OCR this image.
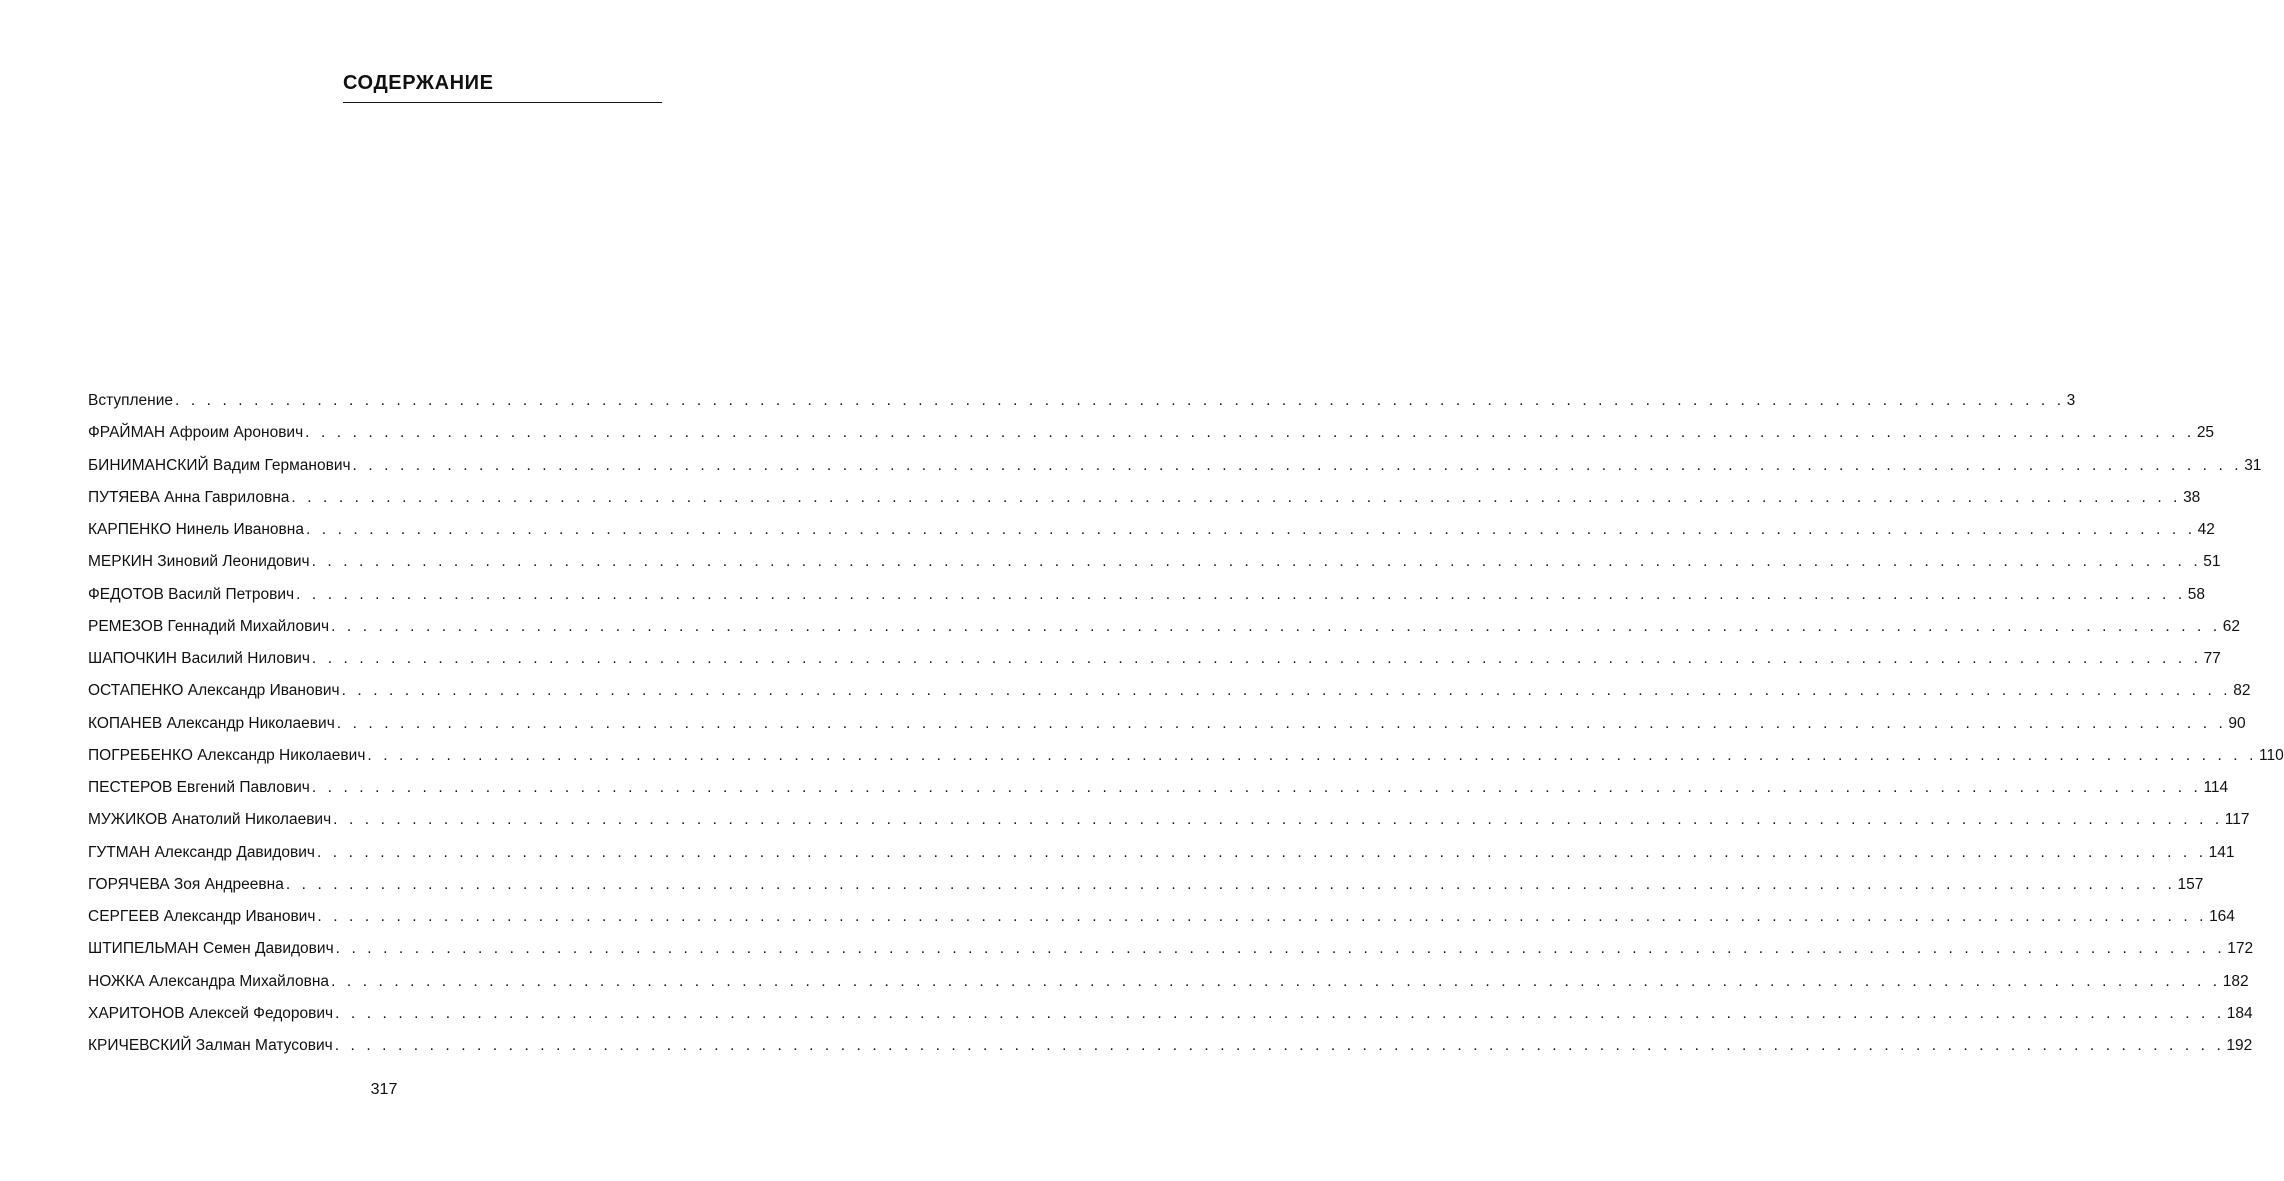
СОДЕРЖАНИЕ
Вступление . . . . . . . . . . . . . . . . . . . . . . . . . . . . . . . . . . . . . . . . . . . . . . . . . . . . . . . . . . . . . . . . . . . . . . . . . . . . . . . . . . . . . . . . . . . . . . . . . . . . . . . . . . . . . . . . . . . . . . . . 3
ФРАЙМАН Афроим Аронович . . . . . . . . . . . . . . . . . . . . . . . . . . . . . . . . . . . . . . . . . . . . . . . . . . . . . . . . . . . . . . . . . . . . . . . . . . . . . . . . . . . . . . . . . . . . . . . . . . . . . . . . . . . . . . . . . . . . . . . . 25
БИНИМАНСКИЙ Вадим Германович . . . . . . . . . . . . . . . . . . . . . . . . . . . . . . . . . . . . . . . . . . . . . . . . . . . . . . . . . . . . . . . . . . . . . . . . . . . . . . . . . . . . . . . . . . . . . . . . . . . . . . . . . . . . . . . . . . . . . . . . 31
ПУТЯЕВА Анна Гавриловна . . . . . . . . . . . . . . . . . . . . . . . . . . . . . . . . . . . . . . . . . . . . . . . . . . . . . . . . . . . . . . . . . . . . . . . . . . . . . . . . . . . . . . . . . . . . . . . . . . . . . . . . . . . . . . . . . . . . . . . . 38
КАРПЕНКО Нинель Ивановна . . . . . . . . . . . . . . . . . . . . . . . . . . . . . . . . . . . . . . . . . . . . . . . . . . . . . . . . . . . . . . . . . . . . . . . . . . . . . . . . . . . . . . . . . . . . . . . . . . . . . . . . . . . . . . . . . . . . . . . . 42
МЕРКИН Зиновий Леонидович . . . . . . . . . . . . . . . . . . . . . . . . . . . . . . . . . . . . . . . . . . . . . . . . . . . . . . . . . . . . . . . . . . . . . . . . . . . . . . . . . . . . . . . . . . . . . . . . . . . . . . . . . . . . . . . . . . . . . . . . 51
ФЕДОТОВ Василй Петрович . . . . . . . . . . . . . . . . . . . . . . . . . . . . . . . . . . . . . . . . . . . . . . . . . . . . . . . . . . . . . . . . . . . . . . . . . . . . . . . . . . . . . . . . . . . . . . . . . . . . . . . . . . . . . . . . . . . . . . . . 58
РЕМЕЗОВ Геннадий Михайлович . . . . . . . . . . . . . . . . . . . . . . . . . . . . . . . . . . . . . . . . . . . . . . . . . . . . . . . . . . . . . . . . . . . . . . . . . . . . . . . . . . . . . . . . . . . . . . . . . . . . . . . . . . . . . . . . . . . . . . . . 62
ШАПОЧКИН Василий Нилович . . . . . . . . . . . . . . . . . . . . . . . . . . . . . . . . . . . . . . . . . . . . . . . . . . . . . . . . . . . . . . . . . . . . . . . . . . . . . . . . . . . . . . . . . . . . . . . . . . . . . . . . . . . . . . . . . . . . . . . . 77
ОСТАПЕНКО Александр Иванович . . . . . . . . . . . . . . . . . . . . . . . . . . . . . . . . . . . . . . . . . . . . . . . . . . . . . . . . . . . . . . . . . . . . . . . . . . . . . . . . . . . . . . . . . . . . . . . . . . . . . . . . . . . . . . . . . . . . . . . . 82
КОПАНЕВ Александр Николаевич . . . . . . . . . . . . . . . . . . . . . . . . . . . . . . . . . . . . . . . . . . . . . . . . . . . . . . . . . . . . . . . . . . . . . . . . . . . . . . . . . . . . . . . . . . . . . . . . . . . . . . . . . . . . . . . . . . . . . . . . 90
ПОГРЕБЕНКО Александр Николаевич . . . . . . . . . . . . . . . . . . . . . . . . . . . . . . . . . . . . . . . . . . . . . . . . . . . . . . . . . . . . . . . . . . . . . . . . . . . . . . . . . . . . . . . . . . . . . . . . . . . . . . . . . . . . . . . . . . . . . . . . 110
ПЕСТЕРОВ Евгений Павлович . . . . . . . . . . . . . . . . . . . . . . . . . . . . . . . . . . . . . . . . . . . . . . . . . . . . . . . . . . . . . . . . . . . . . . . . . . . . . . . . . . . . . . . . . . . . . . . . . . . . . . . . . . . . . . . . . . . . . . . . 114
МУЖИКОВ Анатолий Николаевич . . . . . . . . . . . . . . . . . . . . . . . . . . . . . . . . . . . . . . . . . . . . . . . . . . . . . . . . . . . . . . . . . . . . . . . . . . . . . . . . . . . . . . . . . . . . . . . . . . . . . . . . . . . . . . . . . . . . . . . . 117
ГУТМАН Александр Давидович . . . . . . . . . . . . . . . . . . . . . . . . . . . . . . . . . . . . . . . . . . . . . . . . . . . . . . . . . . . . . . . . . . . . . . . . . . . . . . . . . . . . . . . . . . . . . . . . . . . . . . . . . . . . . . . . . . . . . . . . 141
ГОРЯЧЕВА Зоя Андреевна . . . . . . . . . . . . . . . . . . . . . . . . . . . . . . . . . . . . . . . . . . . . . . . . . . . . . . . . . . . . . . . . . . . . . . . . . . . . . . . . . . . . . . . . . . . . . . . . . . . . . . . . . . . . . . . . . . . . . . . . 157
СЕРГЕЕВ Александр Иванович . . . . . . . . . . . . . . . . . . . . . . . . . . . . . . . . . . . . . . . . . . . . . . . . . . . . . . . . . . . . . . . . . . . . . . . . . . . . . . . . . . . . . . . . . . . . . . . . . . . . . . . . . . . . . . . . . . . . . . . . 164
ШТИПЕЛЬМАН Семен Давидович . . . . . . . . . . . . . . . . . . . . . . . . . . . . . . . . . . . . . . . . . . . . . . . . . . . . . . . . . . . . . . . . . . . . . . . . . . . . . . . . . . . . . . . . . . . . . . . . . . . . . . . . . . . . . . . . . . . . . . . . 172
НОЖКА Александра Михайловна . . . . . . . . . . . . . . . . . . . . . . . . . . . . . . . . . . . . . . . . . . . . . . . . . . . . . . . . . . . . . . . . . . . . . . . . . . . . . . . . . . . . . . . . . . . . . . . . . . . . . . . . . . . . . . . . . . . . . . . . 182
ХАРИТОНОВ Алексей Федорович . . . . . . . . . . . . . . . . . . . . . . . . . . . . . . . . . . . . . . . . . . . . . . . . . . . . . . . . . . . . . . . . . . . . . . . . . . . . . . . . . . . . . . . . . . . . . . . . . . . . . . . . . . . . . . . . . . . . . . . . 184
КРИЧЕВСКИЙ Залман Матусович . . . . . . . . . . . . . . . . . . . . . . . . . . . . . . . . . . . . . . . . . . . . . . . . . . . . . . . . . . . . . . . . . . . . . . . . . . . . . . . . . . . . . . . . . . . . . . . . . . . . . . . . . . . . . . . . . . . . . . . . 192
317
